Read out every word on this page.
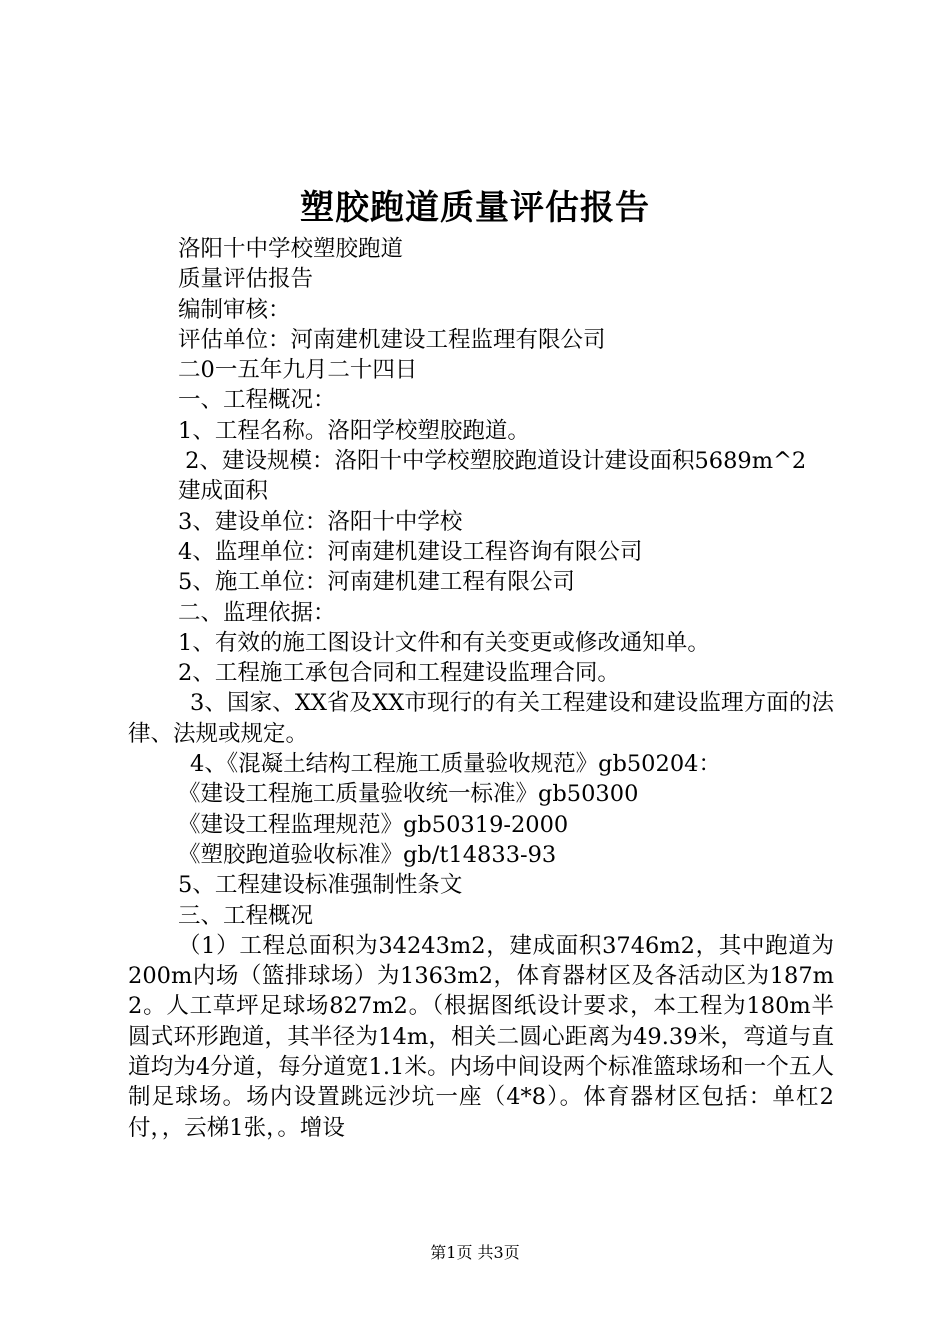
塑胶跑道质量评估报告

洛阳十中学校塑胶跑道

质量评估报告

编制审核：

评估单位：河南建机建设工程监理有限公司

二0一五年九月二十四日

一、工程概况：

1、工程名称。洛阳学校塑胶跑道。

2、建设规模：洛阳十中学校塑胶跑道设计建设面积5689m^2

建成面积

3、建设单位：洛阳十中学校

4、监理单位：河南建机建设工程咨询有限公司

5、施工单位：河南建机建工程有限公司

二、监理依据：

1、有效的施工图设计文件和有关变更或修改通知单。

2、工程施工承包合同和工程建设监理合同。

3、国家、XX省及XX市现行的有关工程建设和建设监理方面的法律、法规或规定。

4、《混凝土结构工程施工质量验收规范》gb50204：

《建设工程施工质量验收统一标准》gb50300

《建设工程监理规范》gb50319-2000

《塑胶跑道验收标准》gb/t14833-93

5、工程建设标准强制性条文

三、工程概况

（1）工程总面积为34243m2，建成面积3746m2，其中跑道为200m内场（篮排球场）为1363m2，体育器材区及各活动区为187m2。人工草坪足球场827m2。（根据图纸设计要求，本工程为180m半圆式环形跑道，其半径为14m，相关二圆心距离为49.39米，弯道与直道均为4分道，每分道宽1.1米。内场中间设两个标准篮球场和一个五人制足球场。场内设置跳远沙坑一座（4*8）。体育器材区包括：单杠2付，，云梯1张，。增设

第1页 共3页
